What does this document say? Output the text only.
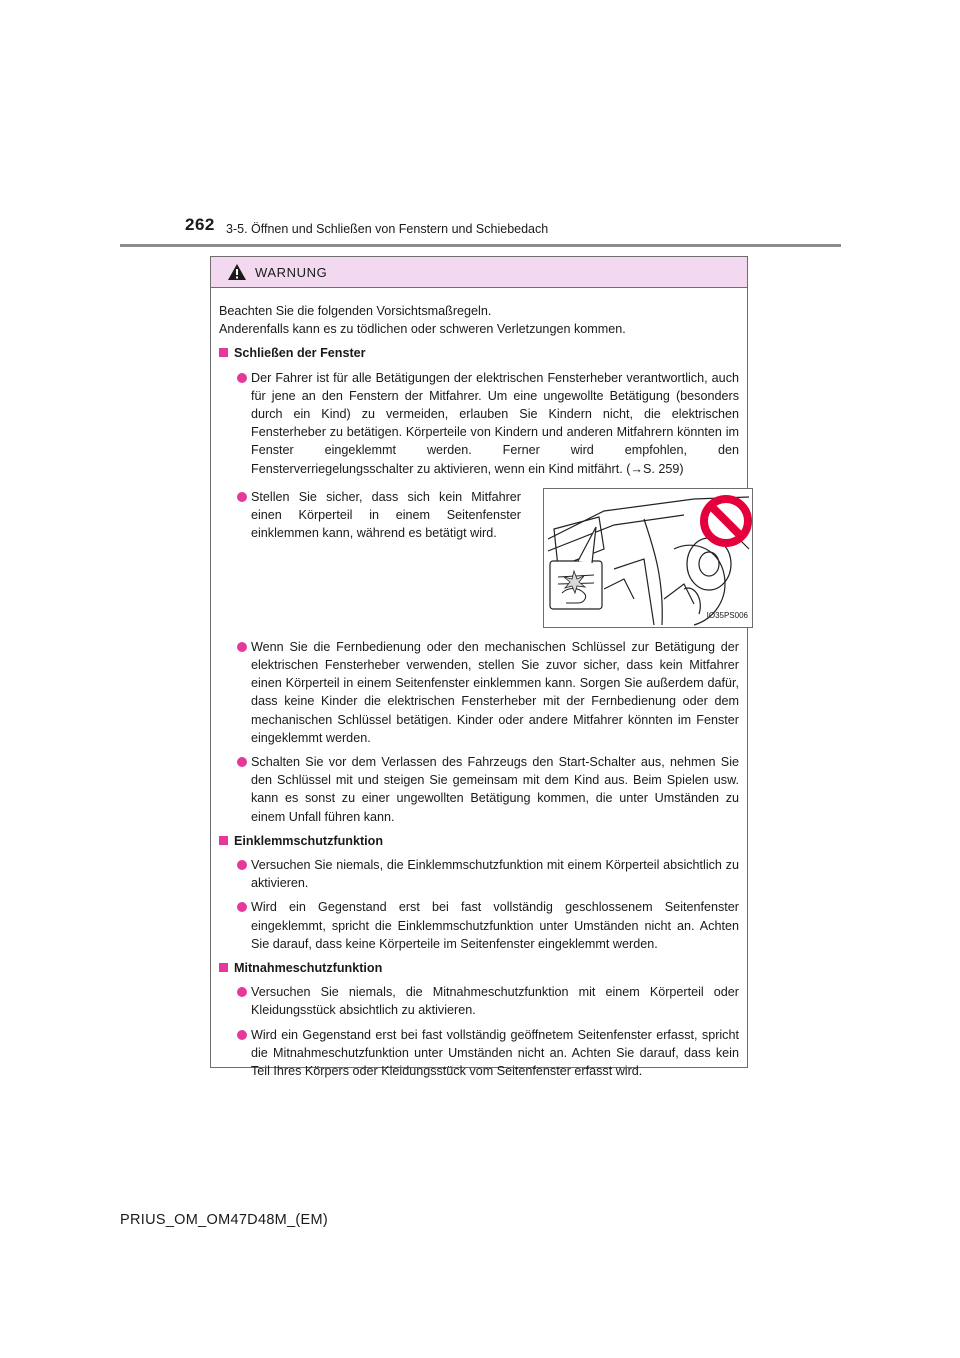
262 3-5. Öffnen und Schließen von Fenstern und Schiebedach
WARNUNG

Beachten Sie die folgenden Vorsichtsmaßregeln.

Anderenfalls kann es zu tödlichen oder schweren Verletzungen kommen.

Schließen der Fenster
Der Fahrer ist für alle Betätigungen der elektrischen Fensterheber verantwortlich, auch für jene an den Fenstern der Mitfahrer. Um eine ungewollte Betätigung (besonders durch ein Kind) zu vermeiden, erlauben Sie Kindern nicht, die elektrischen Fensterheber zu betätigen. Körperteile von Kindern und anderen Mitfahrern könnten im Fenster eingeklemmt werden. Ferner wird empfohlen, den Fensterverriegelungsschalter zu aktivieren, wenn ein Kind mitfährt. (→S. 259)
Stellen Sie sicher, dass sich kein Mitfahrer einen Körperteil in einem Seitenfenster einklemmen kann, während es betätigt wird.
IO35PS006
Wenn Sie die Fernbedienung oder den mechanischen Schlüssel zur Betätigung der elektrischen Fensterheber verwenden, stellen Sie zuvor sicher, dass kein Mitfahrer einen Körperteil in einem Seitenfenster einklemmen kann. Sorgen Sie außerdem dafür, dass keine Kinder die elektrischen Fensterheber mit der Fernbedienung oder dem mechanischen Schlüssel betätigen. Kinder oder andere Mitfahrer könnten im Fenster eingeklemmt werden.
Schalten Sie vor dem Verlassen des Fahrzeugs den Start-Schalter aus, nehmen Sie den Schlüssel mit und steigen Sie gemeinsam mit dem Kind aus. Beim Spielen usw. kann es sonst zu einer ungewollten Betätigung kommen, die unter Umständen zu einem Unfall führen kann.
Einklemmschutzfunktion
Versuchen Sie niemals, die Einklemmschutzfunktion mit einem Körperteil absichtlich zu aktivieren.
Wird ein Gegenstand erst bei fast vollständig geschlossenem Seitenfenster eingeklemmt, spricht die Einklemmschutzfunktion unter Umständen nicht an. Achten Sie darauf, dass keine Körperteile im Seitenfenster eingeklemmt werden.
Mitnahmeschutzfunktion
Versuchen Sie niemals, die Mitnahmeschutzfunktion mit einem Körperteil oder Kleidungsstück absichtlich zu aktivieren.
Wird ein Gegenstand erst bei fast vollständig geöffnetem Seitenfenster erfasst, spricht die Mitnahmeschutzfunktion unter Umständen nicht an. Achten Sie darauf, dass kein Teil Ihres Körpers oder Kleidungsstück vom Seitenfenster erfasst wird.
PRIUS_OM_OM47D48M_(EM)
